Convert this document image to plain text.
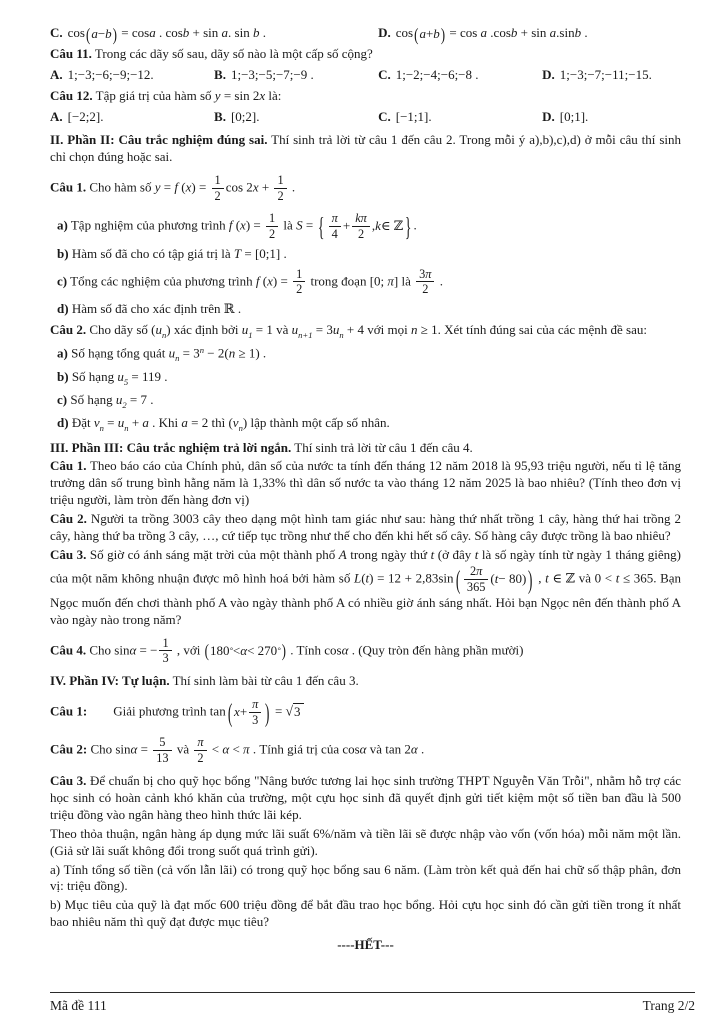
C. cos ( a − b ) = cosa . cosb + sin a. sin b .	D. cos ( a + b ) = cos a .cosb + sin a.sinb .
Câu 11. Trong các dãy số sau, dãy số nào là một cấp số cộng?
A. 1;−3;−6;−9;−12.	B. 1;−3;−5;−7;−9 .	C. 1;−2;−4;−6;−8 .	D. 1;−3;−7;−11;−15.
Câu 12. Tập giá trị của hàm số y = sin 2x là:
A. [−2;2].	B. [0;2].	C. [−1;1].	D. [0;1].
II. Phần II: Câu trắc nghiệm đúng sai. Thí sinh trả lời từ câu 1 đến câu 2. Trong mỗi ý a),b),c),d) ở mỗi câu thí sinh chỉ chọn đúng hoặc sai.
Câu 1. Cho hàm số y = f $(x) = \frac{1}{2}$ $\cos 2x + \frac{1}{2}$ .
a) Tập nghiệm của phương trình f $(x) = \frac{1}{2}$ là S = { $\frac{\pi}{4} + \frac{k\pi}{2}$ , k ∈ ℤ } .
b) Hàm số đã cho có tập giá trị là T = [0;1] .
c) Tổng các nghiệm của phương trình f $(x) = \frac{1}{2}$ trong đoạn [0; π] là $\frac{3\pi}{2}$ .
d) Hàm số đã cho xác định trên ℝ .
Câu 2. Cho dãy số $(u_n)$ xác định bởi $u_1 = 1$ và $u_{n+1} = 3u_n + 4$ với mọi n ≥ 1. Xét tính đúng sai của các mệnh đề sau:
a) Số hạng tổng quát $u_n = 3^n - 2(n \ge 1)$ .
b) Số hạng $u_5 = 119$ .
c) Số hạng $u_2 = 7$ .
d) Đặt $v_n = u_n + a$ . Khi a = 2 thì $(v_n)$ lập thành một cấp số nhân.
III. Phần III: Câu trắc nghiệm trả lời ngắn. Thí sinh trả lời từ câu 1 đến câu 4.
Câu 1. Theo báo cáo của Chính phủ, dân số của nước ta tính đến tháng 12 năm 2018 là 95,93 triệu người, nếu tỉ lệ tăng trưởng dân số trung bình hằng năm là 1,33% thì dân số nước ta vào tháng 12 năm 2025 là bao nhiêu? (Tính theo đơn vị triệu người, làm tròn đến hàng đơn vị)
Câu 2. Người ta trồng 3003 cây theo dạng một hình tam giác như sau: hàng thứ nhất trồng 1 cây, hàng thứ hai trồng 2 cây, hàng thứ ba trồng 3 cây, …, cứ tiếp tục trồng như thế cho đến khi hết số cây. Số hàng cây được trồng là bao nhiêu?
Câu 3. Số giờ có ánh sáng mặt trời của một thành phố A trong ngày thứ t (ở đây t là số ngày tính từ ngày 1 tháng giêng) của một năm không nhuận được mô hình hoá bởi hàm số L(t) = 12 + 2,83sin ( $\frac{2\pi}{365}$ ( t − 80) ) , t ∈ ℤ và 0 < t ≤ 365. Bạn Ngọc muốn đến chơi thành phố A vào ngày thành phố A có nhiều giờ ánh sáng nhất. Hỏi bạn Ngọc nên đến thành phố A vào ngày nào trong năm?
Câu 4. Cho sinα = − $\frac{1}{3}$ , với ( 180 ° < α < 270 ° ) . Tính cosα . (Quy tròn đến hàng phần mười)
IV. Phần IV: Tự luận. Thí sinh làm bài từ câu 1 đến câu 3.
Câu 1:        Giải phương trình tan ( $x + \frac{\pi}{3}$ ) = √3
Câu 2: Cho $\sin\alpha = \frac{5}{13}$ và $\frac{\pi}{2} < \alpha < \pi$ . Tính giá trị của cosα và tan 2α .
Câu 3. Để chuẩn bị cho quỹ học bổng "Nâng bước tương lai học sinh trường THPT Nguyễn Văn Trỗi", nhằm hỗ trợ các học sinh có hoàn cảnh khó khăn của trường, một cựu học sinh đã quyết định gửi tiết kiệm một số tiền ban đầu là 500 triệu đồng vào ngân hàng theo hình thức lãi kép.
Theo thỏa thuận, ngân hàng áp dụng mức lãi suất 6%/năm và tiền lãi sẽ được nhập vào vốn (vốn hóa) mỗi năm một lần. (Giả sử lãi suất không đổi trong suốt quá trình gửi).
a) Tính tổng số tiền (cả vốn lẫn lãi) có trong quỹ học bổng sau 6 năm. (Làm tròn kết quả đến hai chữ số thập phân, đơn vị: triệu đồng).
b) Mục tiêu của quỹ là đạt mốc 600 triệu đồng để bắt đầu trao học bổng. Hỏi cựu học sinh đó cần gửi tiền trong ít nhất bao nhiêu năm thì quỹ đạt được mục tiêu?
----HẾT---
Mã đề 111	Trang 2/2
